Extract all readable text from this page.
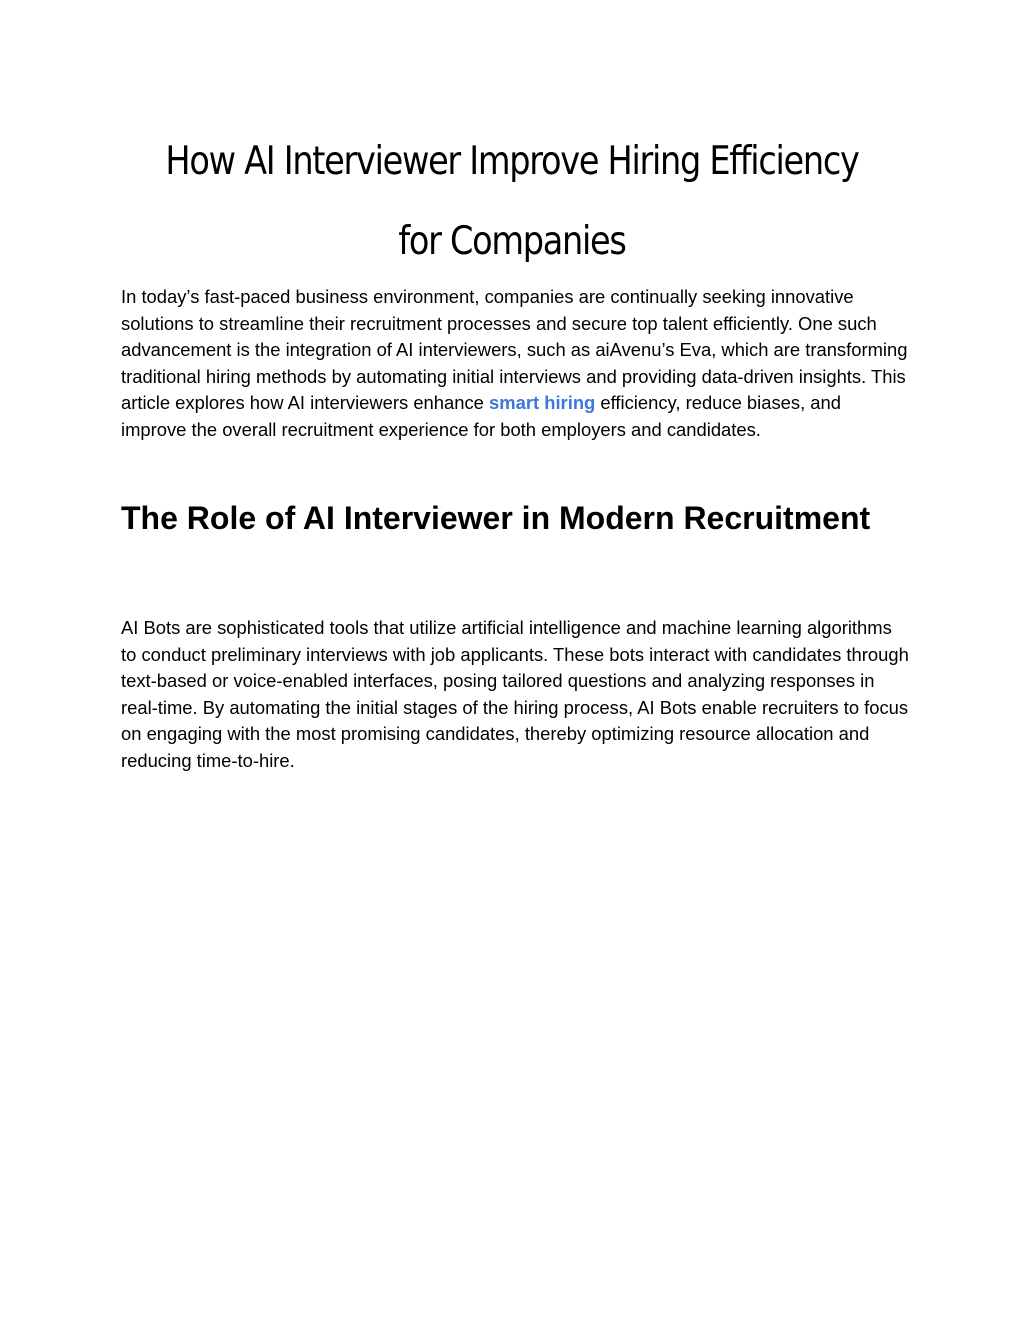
How AI Interviewer Improve Hiring Efficiency
for Companies

In today’s fast-paced business environment, companies are continually seeking innovative solutions to streamline their recruitment processes and secure top talent efficiently. One such advancement is the integration of AI interviewers, such as aiAvenu’s Eva, which are transforming traditional hiring methods by automating initial interviews and providing data-driven insights. This article explores how AI interviewers enhance smart hiring efficiency, reduce biases, and improve the overall recruitment experience for both employers and candidates.

The Role of AI Interviewer in Modern Recruitment

AI Bots are sophisticated tools that utilize artificial intelligence and machine learning algorithms to conduct preliminary interviews with job applicants. These bots interact with candidates through text-based or voice-enabled interfaces, posing tailored questions and analyzing responses in real-time. By automating the initial stages of the hiring process, AI Bots enable recruiters to focus on engaging with the most promising candidates, thereby optimizing resource allocation and reducing time-to-hire.
